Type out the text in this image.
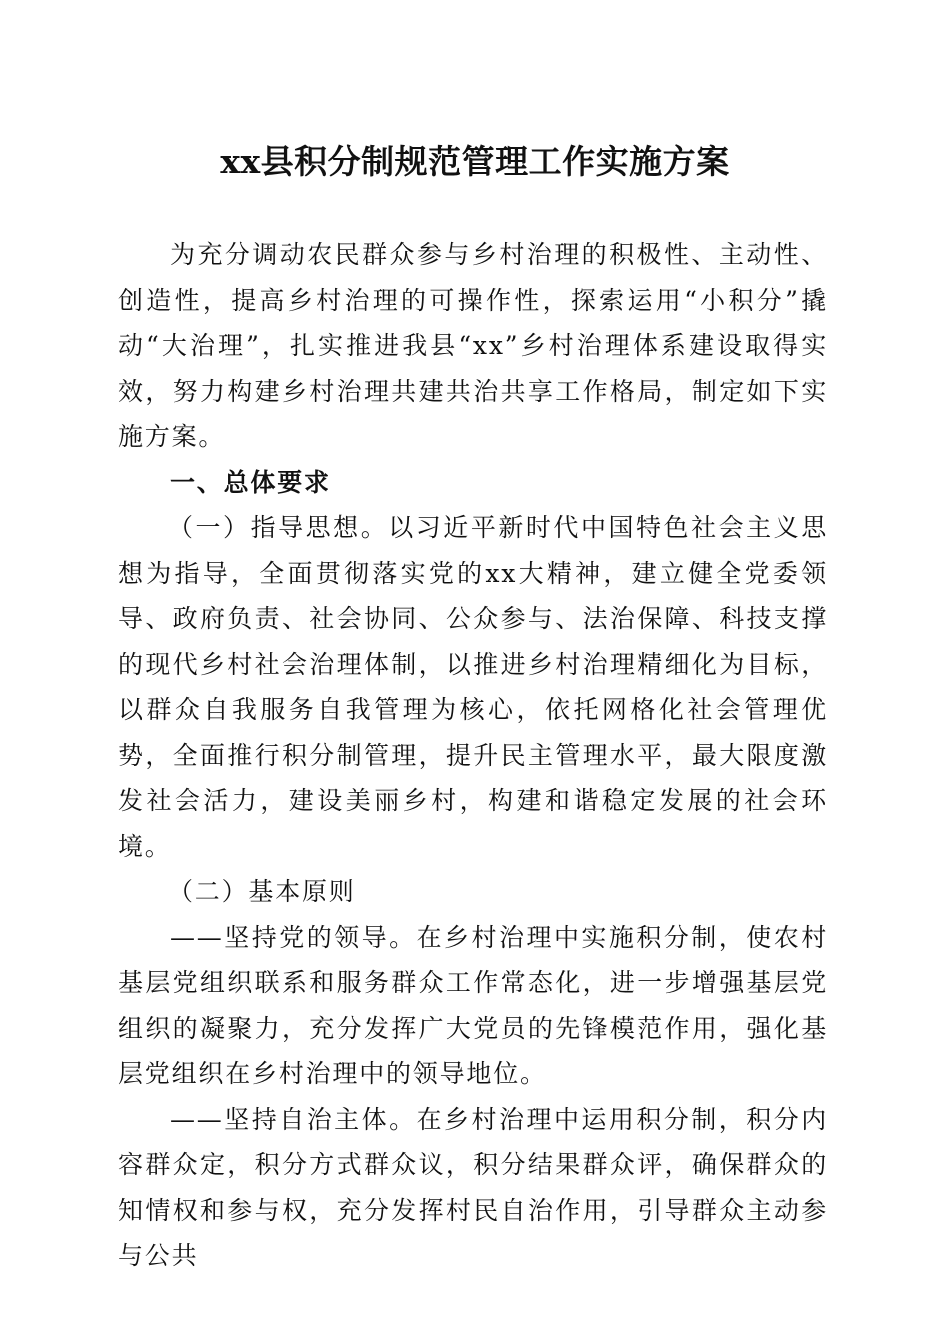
xx县积分制规范管理工作实施方案

为充分调动农民群众参与乡村治理的积极性、主动性、创造性，提高乡村治理的可操作性，探索运用“小积分”撬动“大治理”，扎实推进我县“xx”乡村治理体系建设取得实效，努力构建乡村治理共建共治共享工作格局，制定如下实施方案。

一、总体要求

（一）指导思想。以习近平新时代中国特色社会主义思想为指导，全面贯彻落实党的xx大精神，建立健全党委领导、政府负责、社会协同、公众参与、法治保障、科技支撑的现代乡村社会治理体制，以推进乡村治理精细化为目标，以群众自我服务自我管理为核心，依托网格化社会管理优势，全面推行积分制管理，提升民主管理水平，最大限度激发社会活力，建设美丽乡村，构建和谐稳定发展的社会环境。

（二）基本原则

——坚持党的领导。在乡村治理中实施积分制，使农村基层党组织联系和服务群众工作常态化，进一步增强基层党组织的凝聚力，充分发挥广大党员的先锋模范作用，强化基层党组织在乡村治理中的领导地位。

——坚持自治主体。在乡村治理中运用积分制，积分内容群众定，积分方式群众议，积分结果群众评，确保群众的知情权和参与权，充分发挥村民自治作用，引导群众主动参与公共
